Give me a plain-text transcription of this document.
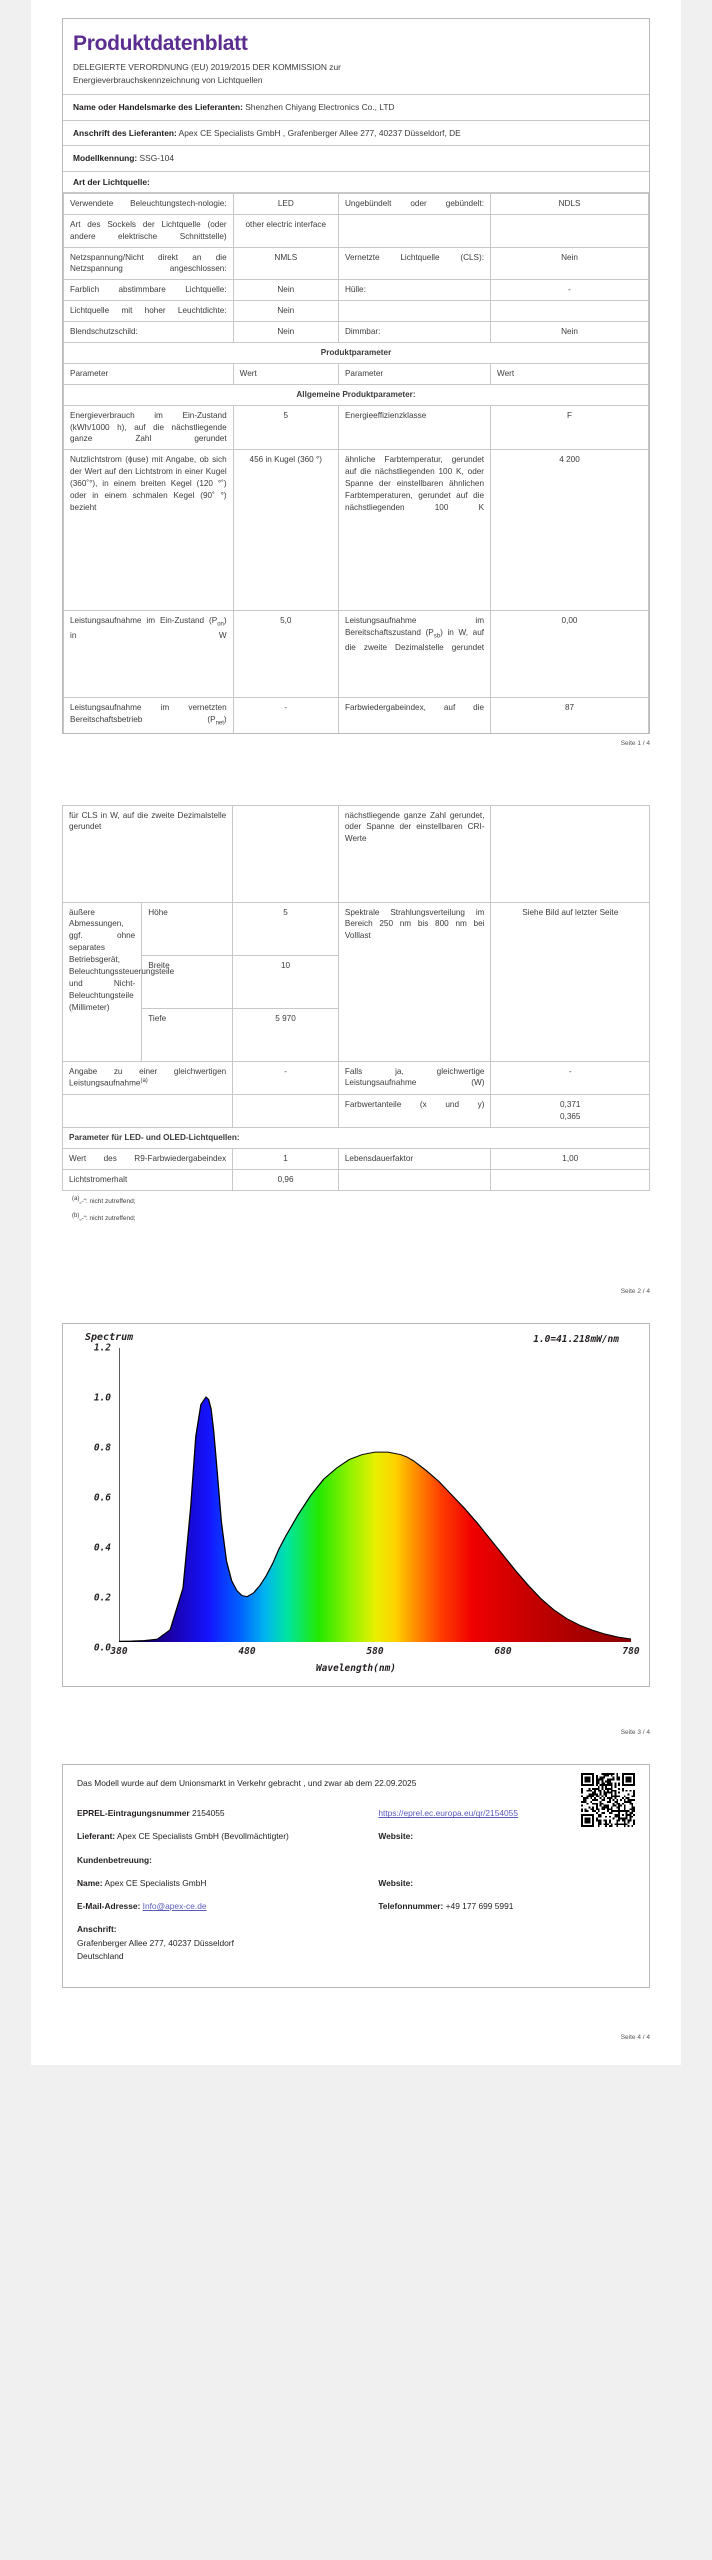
Produktdatenblatt
DELEGIERTE VERORDNUNG (EU) 2019/2015 DER KOMMISSION zur
Energieverbrauchskennzeichnung von Lichtquellen
Name oder Handelsmarke des Lieferanten: Shenzhen Chiyang Electronics Co., LTD
Anschrift des Lieferanten: Apex CE Specialists GmbH , Grafenberger Allee 277, 40237 Düsseldorf, DE
Modellkennung: SSG-104
Art der Lichtquelle:
Verwendete Beleuchtungstech-nologie:	LED	Ungebündelt oder gebündelt:	NDLS
Art des Sockels der Lichtquelle (oder andere elektrische Schnittstelle)	other electric interface		
Netzspannung/Nicht direkt an die Netzspannung angeschlossen:	NMLS	Vernetzte Lichtquelle (CLS):	Nein
Farblich abstimmbare Lichtquelle:	Nein	Hülle:	-
Lichtquelle mit hoher Leuchtdichte:	Nein		
Blendschutzschild:	Nein	Dimmbar:	Nein
Produktparameter			
Parameter	Wert	Parameter	Wert
Allgemeine Produktparameter:			
Energieverbrauch im Ein-Zustand (kWh/1000 h), auf die nächstliegende ganze Zahl gerundet	5	Energieeffizienzklasse	F
Nutzlichtstrom (ɸuse) mit Angabe, ob sich der Wert auf den Lichtstrom in einer Kugel (360˚°), in einem breiten Kegel (120 °˚) oder in einem schmalen Kegel (90˚ °) bezieht	456 in Kugel (360 °)	ähnliche Farbtemperatur, gerundet auf die nächstliegenden 100 K, oder Spanne der einstellbaren ähnlichen Farbtemperaturen, gerundet auf die nächstliegenden 100 K	4 200
Leistungsaufnahme im Ein-Zustand $(P_{on})$ in W	5,0	Leistungsaufnahme im Bereitschaftszustand $(P_{sb})$ in W, auf die zweite Dezimalstelle gerundet	0,00
Leistungsaufnahme im vernetzten Bereitschaftsbetrieb $(P_{net})$	-	Farbwiedergabeindex, auf die	87
Seite 1 / 4
für CLS in W, auf die zweite Dezimalstelle gerundet			nächstliegende ganze Zahl gerundet, oder Spanne der einstellbaren CRI-Werte	
äußere Abmessungen, ggf. ohne separates Betriebsgerät, Beleuchtungssteuerungsteile und Nicht-Beleuchtungsteile (Millimeter)	Höhe	5	Spektrale Strahlungsverteilung im Bereich 250 nm bis 800 nm bei Volllast	Siehe Bild auf letzter Seite
	Breite	10		
	Tiefe	5 970		
Angabe zu einer gleichwertigen Leistungsaufnahme$^{(a)}$		-	Falls ja, gleichwertige Leistungsaufnahme (W)	-
			Farbwertanteile (x und y)	0,371
0,365

Parameter für LED- und OLED-Lichtquellen:				
Wert des R9-Farbwiedergabeindex		1	Lebensdauerfaktor	1,00
Lichtstromerhalt		0,96		
$^{(a)}$„-“: nicht zutreffend;
$^{(b)}$„-“: nicht zutreffend;
Seite 2 / 4
Spectrum	1.0=41.218mW/nm
0.0
0.2
0.4
0.6
0.8
1.0
1.2
380	480	580	680	780
Wavelength(nm)
Seite 3 / 4
Das Modell wurde auf dem Unionsmarkt in Verkehr gebracht , und zwar ab dem 22.09.2025
EPREL-Eintragungsnummer 2154055
Lieferant: Apex CE Specialists GmbH (Bevollmächtigter)
Kundenbetreuung:
Name: Apex CE Specialists GmbH
E-Mail-Adresse: Info@apex-ce.de
Anschrift:
Grafenberger Allee 277, 40237 Düsseldorf
Deutschland
https://eprel.ec.europa.eu/qr/2154055
Website:

Website:
Telefonnummer: +49 177 699 5991
Seite 4 / 4
